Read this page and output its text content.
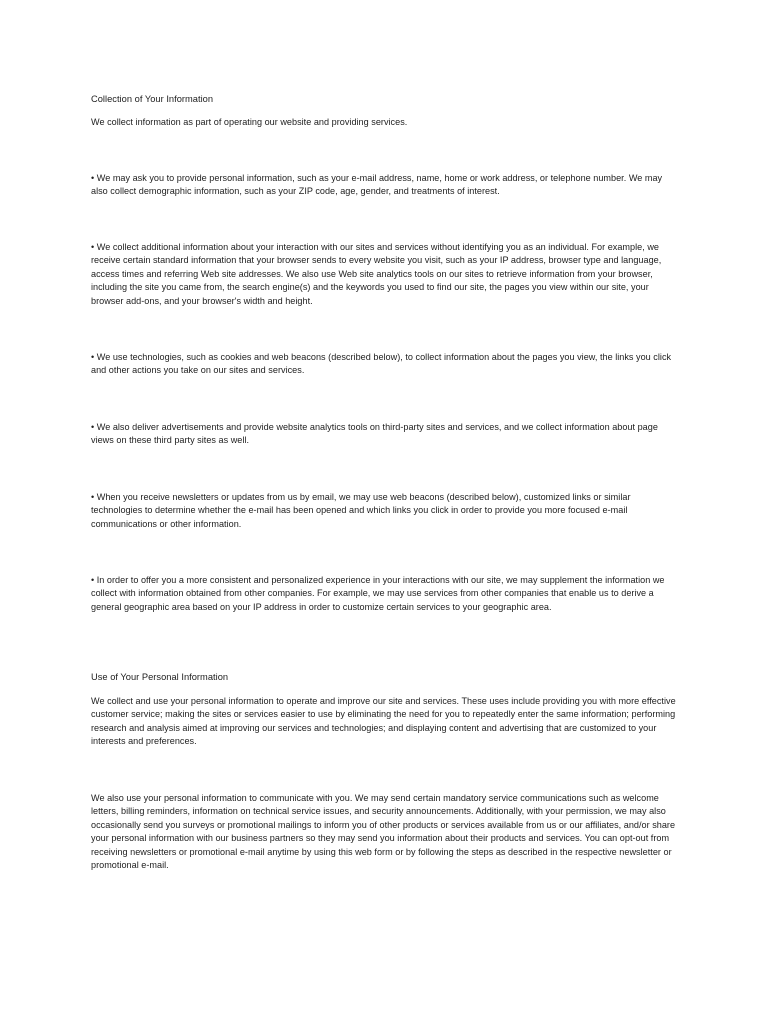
Collection of Your Information

We collect information as part of operating our website and providing services.

• We may ask you to provide personal information, such as your e-mail address, name, home or work address, or telephone number. We may also collect demographic information, such as your ZIP code, age, gender, and treatments of interest.

• We collect additional information about your interaction with our sites and services without identifying you as an individual. For example, we receive certain standard information that your browser sends to every website you visit, such as your IP address, browser type and language, access times and referring Web site addresses. We also use Web site analytics tools on our sites to retrieve information from your browser, including the site you came from, the search engine(s) and the keywords you used to find our site, the pages you view within our site, your browser add-ons, and your browser's width and height.

• We use technologies, such as cookies and web beacons (described below), to collect information about the pages you view, the links you click and other actions you take on our sites and services.

• We also deliver advertisements and provide website analytics tools on third-party sites and services, and we collect information about page views on these third party sites as well.

• When you receive newsletters or updates from us by email, we may use web beacons (described below), customized links or similar technologies to determine whether the e-mail has been opened and which links you click in order to provide you more focused e-mail communications or other information.

• In order to offer you a more consistent and personalized experience in your interactions with our site, we may supplement the information we collect with information obtained from other companies. For example, we may use services from other companies that enable us to derive a general geographic area based on your IP address in order to customize certain services to your geographic area.

Use of Your Personal Information

We collect and use your personal information to operate and improve our site and services. These uses include providing you with more effective customer service; making the sites or services easier to use by eliminating the need for you to repeatedly enter the same information; performing research and analysis aimed at improving our services and technologies; and displaying content and advertising that are customized to your interests and preferences.

We also use your personal information to communicate with you. We may send certain mandatory service communications such as welcome letters, billing reminders, information on technical service issues, and security announcements. Additionally, with your permission, we may also occasionally send you surveys or promotional mailings to inform you of other products or services available from us or our affiliates, and/or share your personal information with our business partners so they may send you information about their products and services. You can opt-out from receiving newsletters or promotional e-mail anytime by using this web form or by following the steps as described in the respective newsletter or promotional e-mail.
